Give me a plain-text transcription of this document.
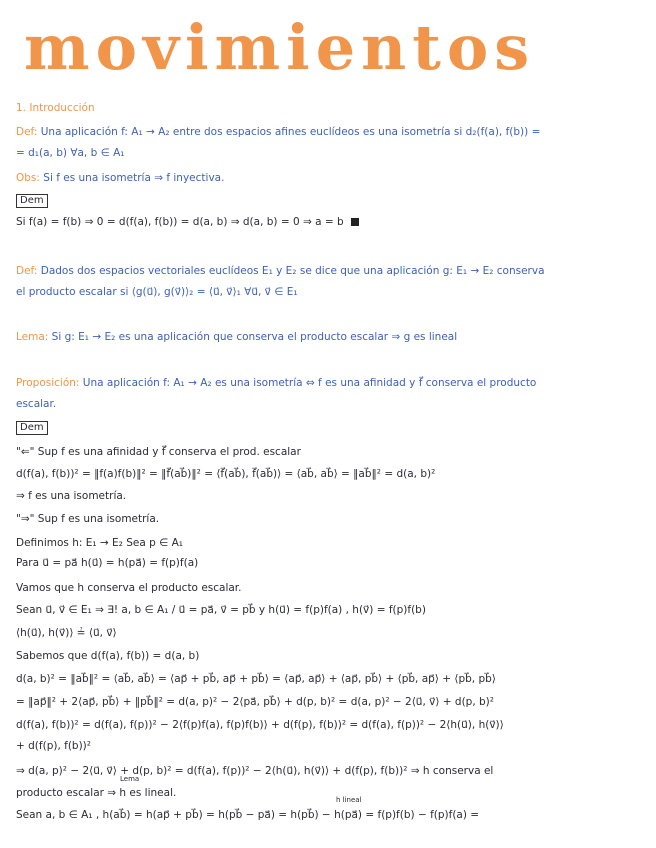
movimientos
1. Introducción
Def: Una aplicación f: A₁ → A₂ entre dos espacios afines euclídeos es una isometría si d₂(f(a), f(b)) =
= d₁(a, b) ∀a, b ∈ A₁
Obs: Si f es una isometría ⇒ f inyectiva.
Dem
Si f(a) = f(b) ⇒ 0 = d(f(a), f(b)) = d(a, b) ⇒ d(a, b) = 0 ⇒ a = b
Def: Dados dos espacios vectoriales euclídeos E₁ y E₂ se dice que una aplicación g: E₁ → E₂ conserva
el producto escalar si ⟨g(u⃗), g(v⃗)⟩₂ = ⟨u⃗, v⃗⟩₁ ∀u⃗, v⃗ ∈ E₁
Lema: Si g: E₁ → E₂ es una aplicación que conserva el producto escalar ⇒ g es lineal
Proposición: Una aplicación f: A₁ → A₂ es una isometría ⇔ f es una afinidad y f⃗ conserva el producto
escalar.
Dem
"⇐" Sup f es una afinidad y f⃗ conserva el prod. escalar
d(f(a), f(b))² = ‖f(a)f(b)‖² = ‖f⃗(ab⃗)‖² = ⟨f⃗(ab⃗), f⃗(ab⃗)⟩ = ⟨ab⃗, ab⃗⟩ = ‖ab⃗‖² = d(a, b)²
⇒ f es una isometría.
"⇒" Sup f es una isometría.
Definimos h: E₁ → E₂ Sea p ∈ A₁
Para u⃗ = pa⃗ h(u⃗) = h(pa⃗) = f(p)f(a)
Vamos que h conserva el producto escalar.
Sean u⃗, v⃗ ∈ E₁ ⇒ ∃! a, b ∈ A₁ / u⃗ = pa⃗, v⃗ = pb⃗ y h(u⃗) = f(p)f(a) , h(v⃗) = f(p)f(b)
⟨h(u⃗), h(v⃗)⟩ ≟ ⟨u⃗, v⃗⟩
Sabemos que d(f(a), f(b)) = d(a, b)
d(a, b)² = ‖ab⃗‖² = ⟨ab⃗, ab⃗⟩ = ⟨ap⃗ + pb⃗, ap⃗ + pb⃗⟩ = ⟨ap⃗, ap⃗⟩ + ⟨ap⃗, pb⃗⟩ + ⟨pb⃗, ap⃗⟩ + ⟨pb⃗, pb⃗⟩
= ‖ap⃗‖² + 2⟨ap⃗, pb⃗⟩ + ‖pb⃗‖² = d(a, p)² − 2⟨pa⃗, pb⃗⟩ + d(p, b)² = d(a, p)² − 2⟨u⃗, v⃗⟩ + d(p, b)²
d(f(a), f(b))² = d(f(a), f(p))² − 2⟨f(p)f(a), f(p)f(b)⟩ + d(f(p), f(b))² = d(f(a), f(p))² − 2⟨h(u⃗), h(v⃗)⟩
+ d(f(p), f(b))²
⇒ d(a, p)² − 2⟨u⃗, v⃗⟩ + d(p, b)² = d(f(a), f(p))² − 2⟨h(u⃗), h(v⃗)⟩ + d(f(p), f(b))² ⇒ h conserva el
Lema
producto escalar ⇒ h es lineal.
h lineal
Sean a, b ∈ A₁ , h(ab⃗) = h(ap⃗ + pb⃗) = h(pb⃗ − pa⃗) = h(pb⃗) − h(pa⃗) = f(p)f(b) − f(p)f(a) =
